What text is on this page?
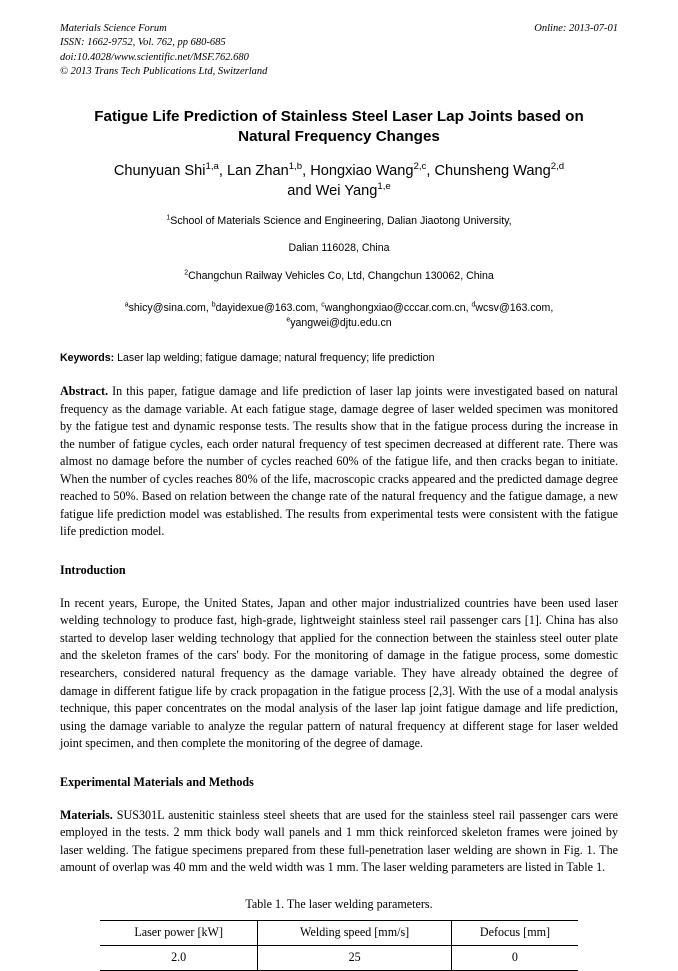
Materials Science Forum
ISSN: 1662-9752, Vol. 762, pp 680-685
doi:10.4028/www.scientific.net/MSF.762.680
© 2013 Trans Tech Publications Ltd, Switzerland
Online: 2013-07-01
Fatigue Life Prediction of Stainless Steel Laser Lap Joints based on Natural Frequency Changes
Chunyuan Shi$^{1,a}$, Lan Zhan$^{1,b}$, Hongxiao Wang$^{2,c}$, Chunsheng Wang$^{2,d}$
and Wei Yang$^{1,e}$
$^1$School of Materials Science and Engineering, Dalian Jiaotong University,
Dalian 116028, China
$^2$Changchun Railway Vehicles Co, Ltd, Changchun 130062, China
$^a$shicy@sina.com, $^b$dayidexue@163.com, $^c$wanghongxiao@cccar.com.cn, $^d$wcsv@163.com,
$^e$yangwei@djtu.edu.cn
Keywords: Laser lap welding; fatigue damage; natural frequency; life prediction
Abstract. In this paper, fatigue damage and life prediction of laser lap joints were investigated based on natural frequency as the damage variable. At each fatigue stage, damage degree of laser welded specimen was monitored by the fatigue test and dynamic response tests. The results show that in the fatigue process during the increase in the number of fatigue cycles, each order natural frequency of test specimen decreased at different rate. There was almost no damage before the number of cycles reached 60% of the fatigue life, and then cracks began to initiate. When the number of cycles reaches 80% of the life, macroscopic cracks appeared and the predicted damage degree reached to 50%. Based on relation between the change rate of the natural frequency and the fatigue damage, a new fatigue life prediction model was established. The results from experimental tests were consistent with the fatigue life prediction model.
Introduction
In recent years, Europe, the United States, Japan and other major industrialized countries have been used laser welding technology to produce fast, high-grade, lightweight stainless steel rail passenger cars [1]. China has also started to develop laser welding technology that applied for the connection between the stainless steel outer plate and the skeleton frames of the cars' body. For the monitoring of damage in the fatigue process, some domestic researchers, considered natural frequency as the damage variable. They have already obtained the degree of damage in different fatigue life by crack propagation in the fatigue process [2,3]. With the use of a modal analysis technique, this paper concentrates on the modal analysis of the laser lap joint fatigue damage and life prediction, using the damage variable to analyze the regular pattern of natural frequency at different stage for laser welded joint specimen, and then complete the monitoring of the degree of damage.
Experimental Materials and Methods
Materials. SUS301L austenitic stainless steel sheets that are used for the stainless steel rail passenger cars were employed in the tests. 2 mm thick body wall panels and 1 mm thick reinforced skeleton frames were joined by laser welding. The fatigue specimens prepared from these full-penetration laser welding are shown in Fig. 1. The amount of overlap was 40 mm and the weld width was 1 mm. The laser welding parameters are listed in Table 1.
Table 1. The laser welding parameters.
Laser power [kW]	Welding speed [mm/s]	Defocus [mm]
2.0	25	0
